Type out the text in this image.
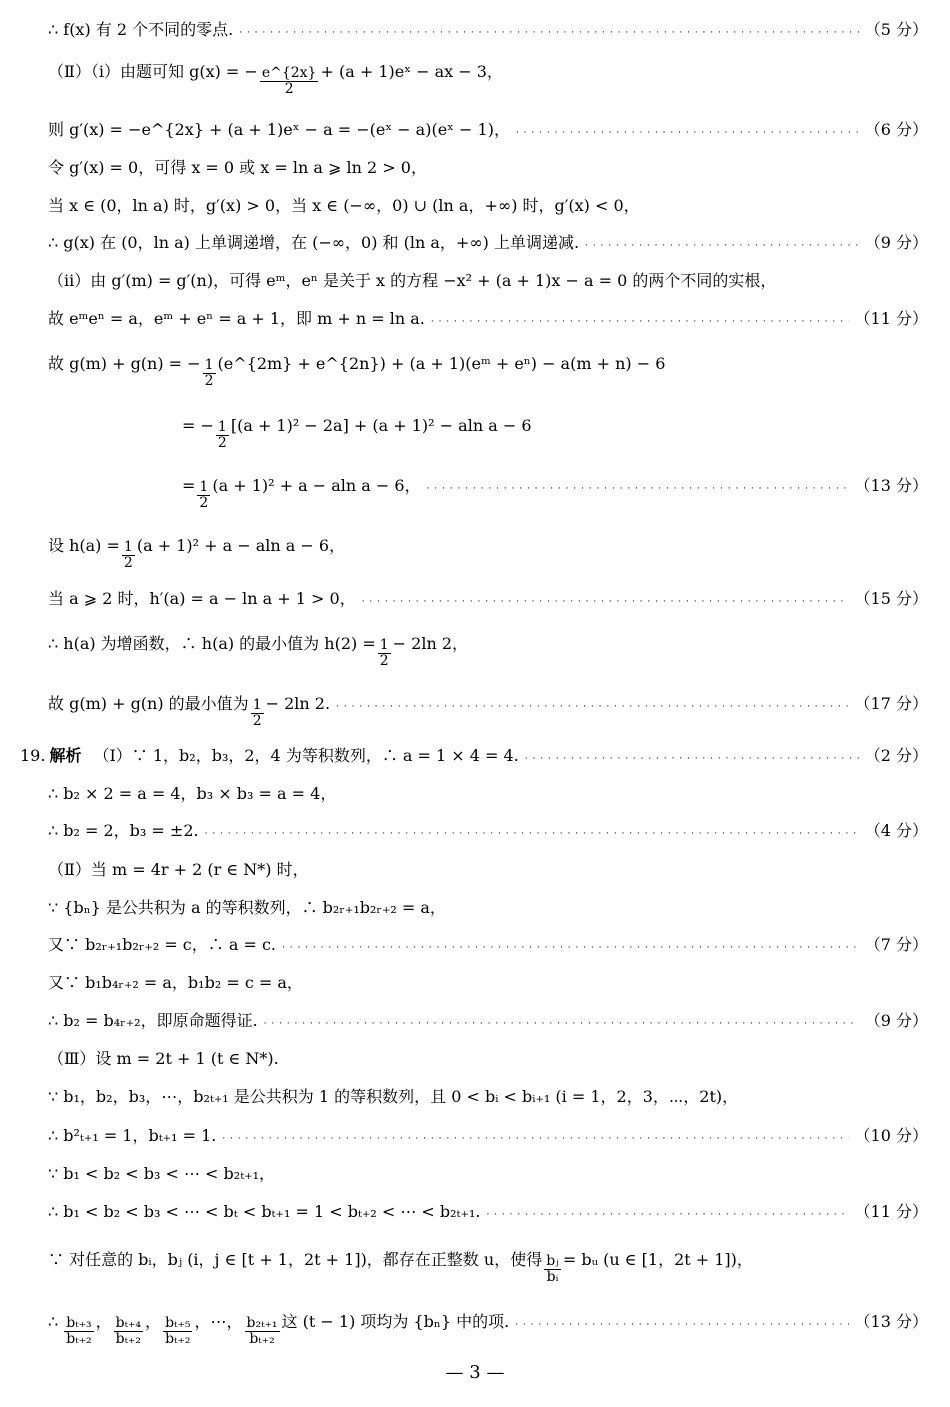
∴ f(x) 有 2 个不同的零点. · · ·	（5 分）
（Ⅱ）（ⅰ）由题可知 g(x) = − $\frac{e\^{}\{2x\}}{2} + (a$ + 1)eˣ − ax − 3，
则 g′(x) = −e^{2x} + (a + 1)eˣ − a = −(eˣ − a)(eˣ − 1)， · · ·	（6 分）
令 g′(x) = 0，可得 x = 0 或 x = ln a ⩾ ln 2 > 0，
当 x ∈ (0，ln a) 时，g′(x) > 0，当 x ∈ (−∞，0) ∪ (ln a，+∞) 时，g′(x) < 0，
∴ g(x) 在 (0，ln a) 上单调递增，在 (−∞，0) 和 (ln a，+∞) 上单调递减. · · ·	（9 分）
（ⅱ）由 g′(m) = g′(n)，可得 eᵐ，eⁿ 是关于 x 的方程 −x² + (a + 1)x − a = 0 的两个不同的实根，
故 eᵐeⁿ = a，eᵐ + eⁿ = a + 1，即 m + n = ln a. · · ·	（11 分）
故 g(m) + g(n) = − $\frac{1}{2}$ (e^{2m} + e^{2n}) + (a + 1)(eᵐ + eⁿ) − a(m + n) − 6
= − $\frac{1}{2} [(a + 1)^2 - 2a] + (a + 1)^2 - aln$ a − 6
= $\frac{1}{2} (a + 1)^2 + a - aln$ a − 6， · · ·	（13 分）
设 $h(a) = \frac{1}{2} (a + 1)^2 + a - aln$ a − 6，
当 a ⩾ 2 时，h′(a) = a − ln a + 1 > 0， · · ·	（15 分）
∴ h(a) 为增函数，∴ h(a) 的最小值为 $h(2) = \frac{1}{2} - 2\ln$ 2，
故 g(m) + g(n) 的最小值为 $\frac{1}{2} - 2\ln$ 2. · · ·	（17 分）
19. 解析 （Ⅰ）∵ 1，b₂，b₃，2，4 为等积数列，∴ a = 1 × 4 = 4. · · ·	（2 分）
∴ b₂ × 2 = a = 4，b₃ × b₃ = a = 4，
∴ b₂ = 2，b₃ = ±2. · · ·	（4 分）
（Ⅱ）当 m = 4r + 2 (r ∈ N*) 时，
∵ {bₙ} 是公共积为 a 的等积数列，∴ b₂ᵣ₊₁b₂ᵣ₊₂ = a，
又∵ b₂ᵣ₊₁b₂ᵣ₊₂ = c，∴ a = c. · · ·	（7 分）
又∵ b₁b₄ᵣ₊₂ = a，b₁b₂ = c = a，
∴ b₂ = b₄ᵣ₊₂，即原命题得证. · · ·	（9 分）
（Ⅲ）设 m = 2t + 1 (t ∈ N*).
∵ b₁，b₂，b₃，⋯，b₂ₜ₊₁ 是公共积为 1 的等积数列，且 0 < bᵢ < bᵢ₊₁ (i = 1，2，3，⋯，2t)，
∴ b²ₜ₊₁ = 1，bₜ₊₁ = 1. · · ·	（10 分）
∵ b₁ < b₂ < b₃ < ⋯ < b₂ₜ₊₁，
∴ b₁ < b₂ < b₃ < ⋯ < bₜ < bₜ₊₁ = 1 < bₜ₊₂ < ⋯ < b₂ₜ₊₁. · · ·	（11 分）
∵ 对任意的 bᵢ，bⱼ (i，j ∈ [t + 1，2t + 1])，都存在正整数 u，使得 $\frac{\text{bⱼ}}{\text{bᵢ}}$ = bᵤ (u ∈ [1，2t + 1])，
∴ $\frac{\text{bₜ₊₃}}{\text{bₜ₊₂}}$ ， $\frac{\text{bₜ₊₄}}{\text{bₜ₊₂}}$ ， $\frac{\text{bₜ₊₅}}{\text{bₜ₊₂}}$ ， ⋯ ， $\frac{\text{b₂ₜ₊₁}}{\text{bₜ₊₂}}$ 这 (t − 1) 项均为 {bₙ} 中的项. · · ·	（13 分）
— 3 —
